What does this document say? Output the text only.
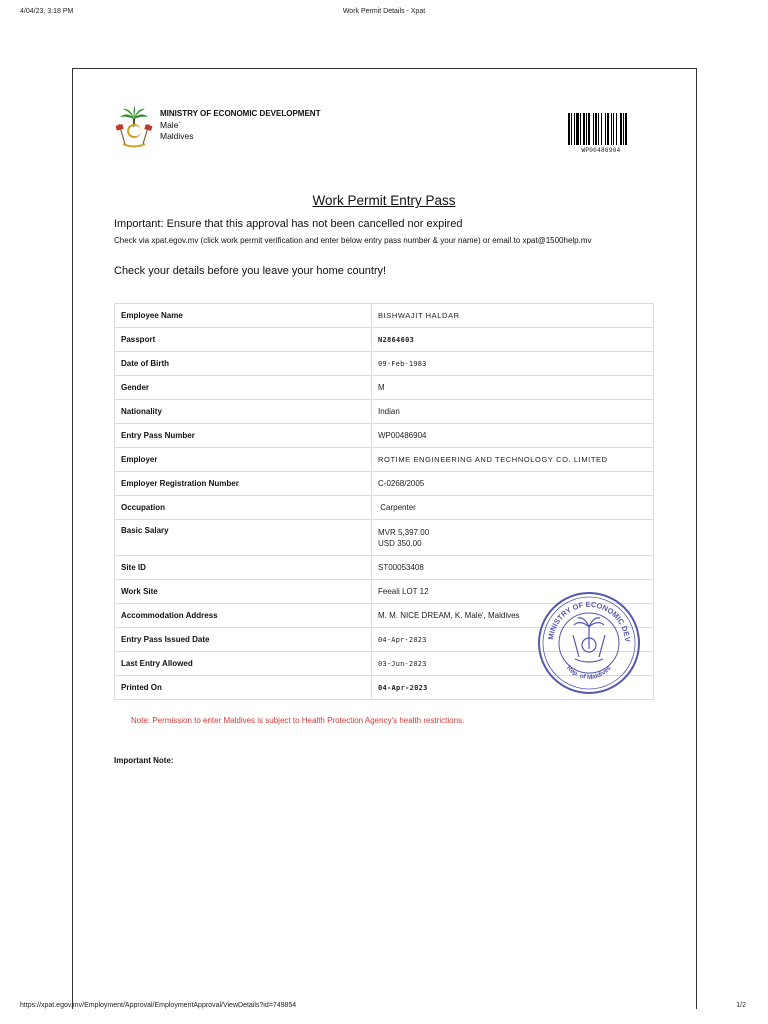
4/04/23, 3:18 PM	Work Permit Details - Xpat
MINISTRY OF ECONOMIC DEVELOPMENT
Male`
Maldives
WP00486904
Work Permit Entry Pass
Important: Ensure that this approval has not been cancelled nor expired
Check via xpat.egov.mv (click work permit verification and enter below entry pass number & your name) or email to xpat@1500help.mv
Check your details before you leave your home country!
Employee Name	BISHWAJIT HALDAR
Passport	N2864603
Date of Birth	09-Feb-1983
Gender	M
Nationality	Indian
Entry Pass Number	WP00486904
Employer	ROTIME ENGINEERING AND TECHNOLOGY CO. LIMITED
Employer Registration Number	C-0268/2005
Occupation	Carpenter
Basic Salary	MVR 5,397.00
USD 350.00

Site ID	ST00053408
Work Site	Feeali LOT 12
Accommodation Address	M. M. NICE DREAM, K. Male', Maldives
Entry Pass Issued Date	04-Apr-2023
Last Entry Allowed	03-Jun-2023
Printed On	04-Apr-2023
MINISTRY OF ECONOMIC DEV
Rep. of Maldives
Note: Permission to enter Maldives is subject to Health Protection Agency's health restrictions.
Important Note:
https://xpat.egov.mv/Employment/Approval/EmploymentApproval/ViewDetails?id=749854	1/2
